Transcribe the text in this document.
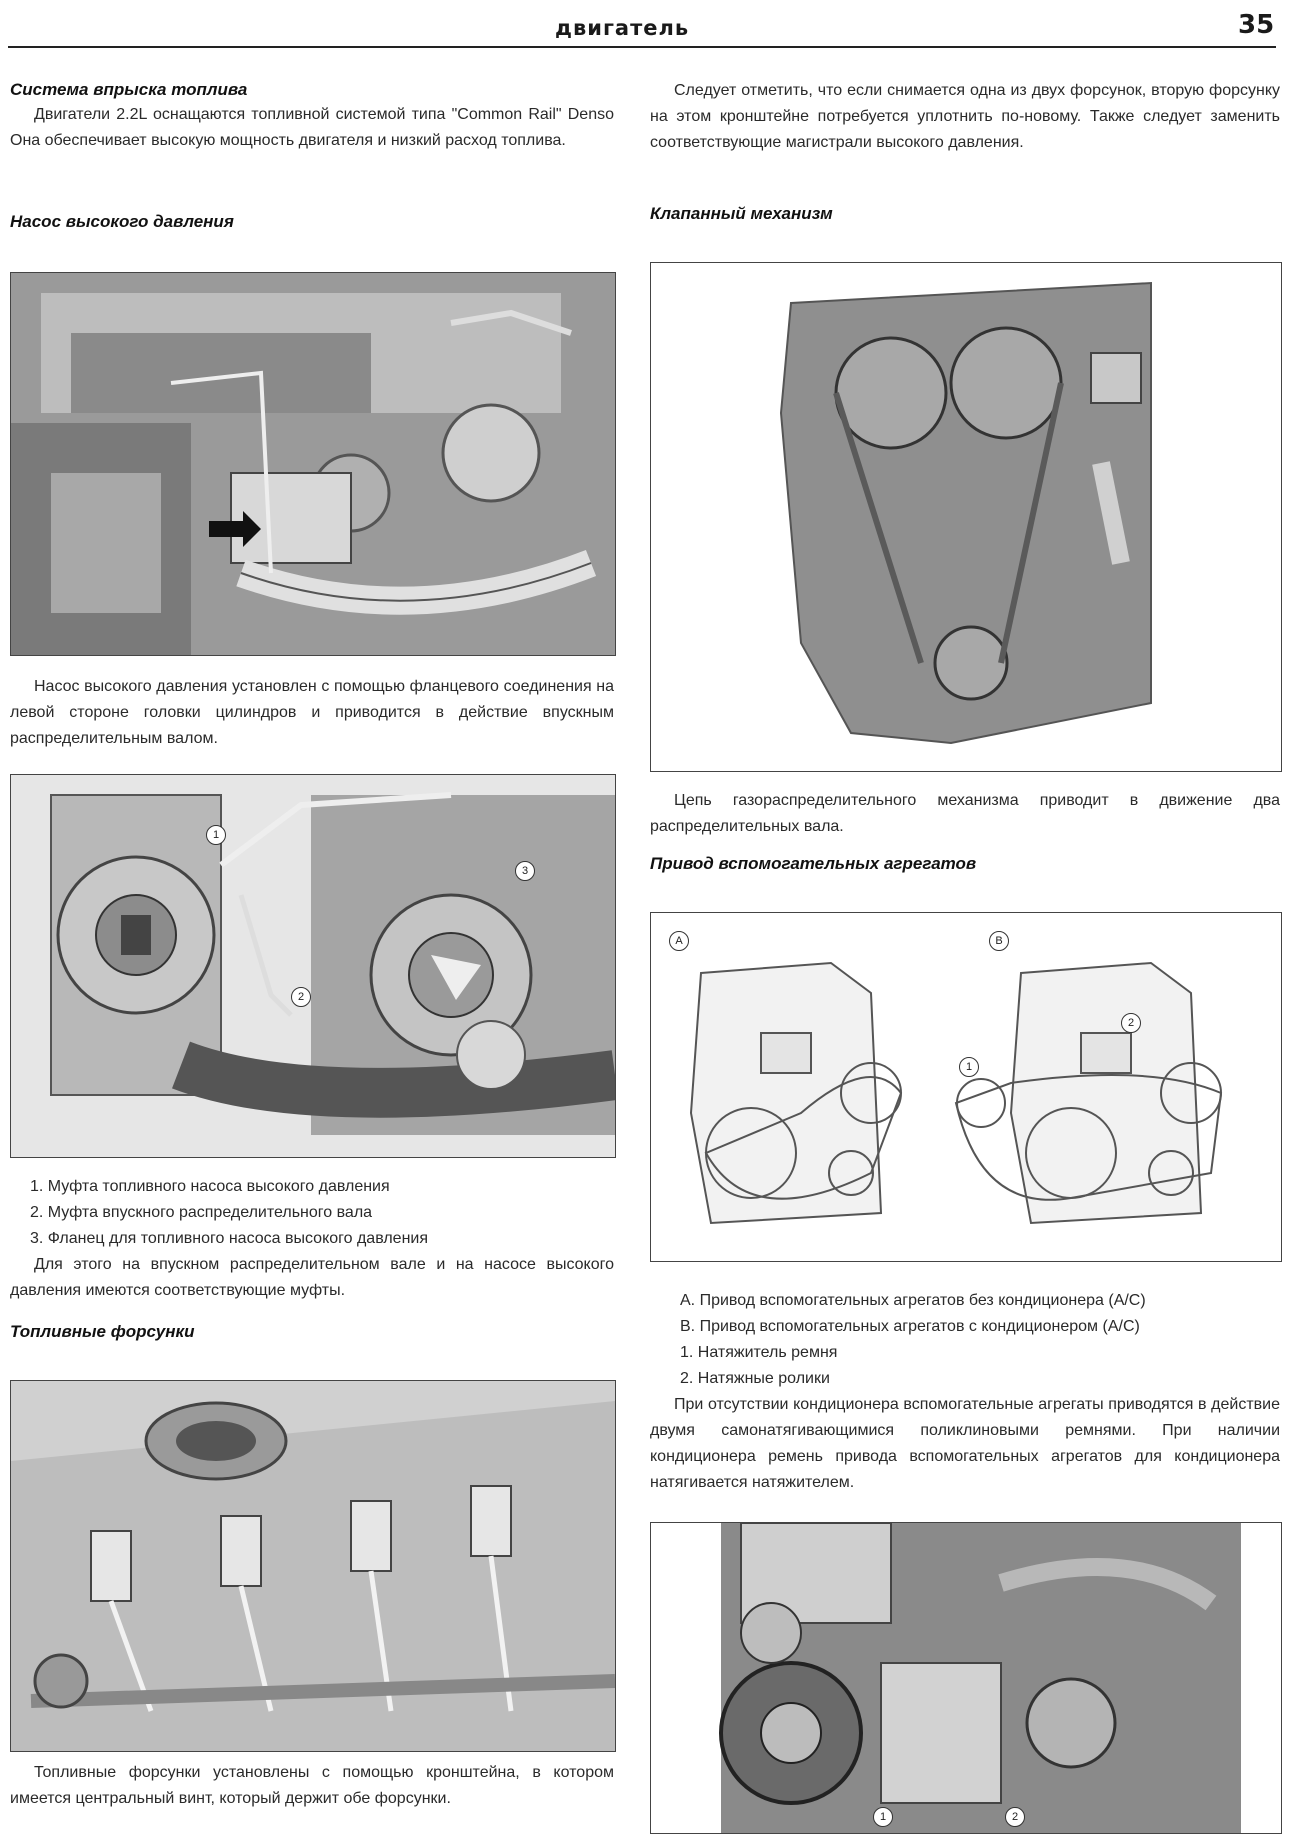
двигатель	35
Система впрыска топлива

Двигатели 2.2L оснащаются топливной системой типа "Common Rail" Denso Она обеспечивает высокую мощность двигателя и низкий расход топлива.

Насос высокого давления

Насос высокого давления установлен с помощью фланцевого соединения на левой стороне головки цилиндров и приводится в действие впускным распределительным валом.

1
2
3
1. Муфта топливного насоса высокого давления
2. Муфта впускного распределительного вала
3. Фланец для топливного насоса высокого давления

Для этого на впускном распределительном вале и на насосе высокого давления имеются соответствующие муфты.

Топливные форсунки

Топливные форсунки установлены с помощью кронштейна, в котором имеется центральный винт, который держит обе форсунки.

Следует отметить, что если снимается одна из двух форсунок, вторую форсунку на этом кронштейне потребуется уплотнить по-новому. Также следует заменить соответствующие магистрали высокого давления.

Клапанный механизм

Цепь газораспределительного механизма приводит в движение два распределительных вала.

Привод вспомогательных агрегатов
A	B
1
2
A. Привод вспомогательных агрегатов без кондиционера (A/C)
B. Привод вспомогательных агрегатов с кондиционером (A/C)
1. Натяжитель ремня
2. Натяжные ролики

При отсутствии кондиционера вспомогательные агрегаты приводятся в действие двумя самонатягивающимися поликлиновыми ремнями. При наличии кондиционера ремень привода вспомогательных агрегатов для кондиционера натягивается натяжителем.

1	2
